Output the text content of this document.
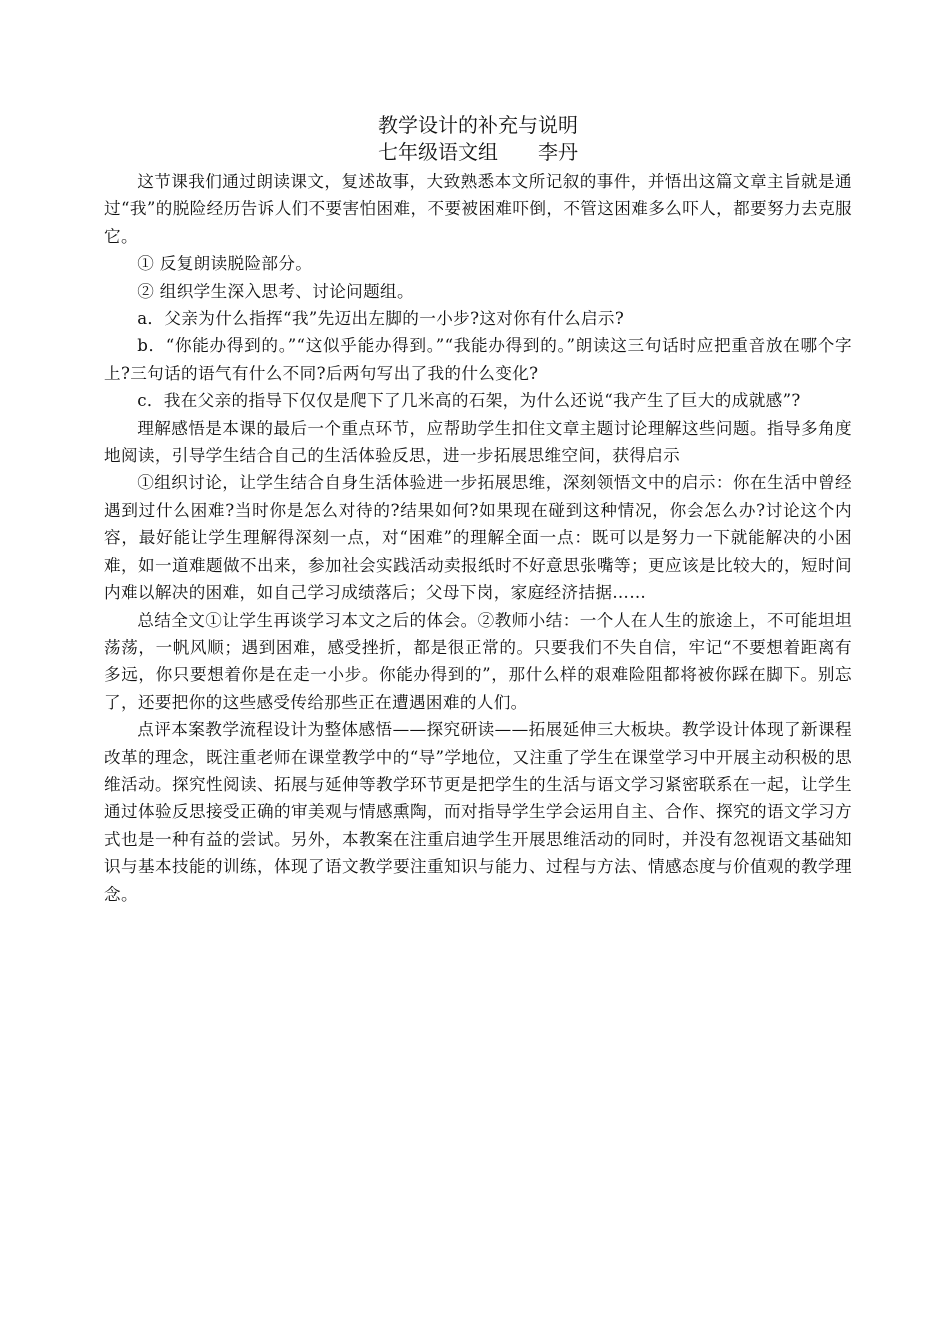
教学设计的补充与说明
七年级语文组　　李丹

这节课我们通过朗读课文，复述故事，大致熟悉本文所记叙的事件，并悟出这篇文章主旨就是通过“我”的脱险经历告诉人们不要害怕困难，不要被困难吓倒，不管这困难多么吓人，都要努力去克服它。

① 反复朗读脱险部分。

② 组织学生深入思考、讨论问题组。

a．父亲为什么指挥“我”先迈出左脚的一小步?这对你有什么启示?

b．“你能办得到的。”“这似乎能办得到。”“我能办得到的。”朗读这三句话时应把重音放在哪个字上?三句话的语气有什么不同?后两句写出了我的什么变化?

c．我在父亲的指导下仅仅是爬下了几米高的石架，为什么还说“我产生了巨大的成就感”?

理解感悟是本课的最后一个重点环节，应帮助学生扣住文章主题讨论理解这些问题。指导多角度地阅读，引导学生结合自己的生活体验反思，进一步拓展思维空间，获得启示

①组织讨论，让学生结合自身生活体验进一步拓展思维，深刻领悟文中的启示：你在生活中曾经遇到过什么困难?当时你是怎么对待的?结果如何?如果现在碰到这种情况，你会怎么办?讨论这个内容，最好能让学生理解得深刻一点，对“困难”的理解全面一点：既可以是努力一下就能解决的小困难，如一道难题做不出来，参加社会实践活动卖报纸时不好意思张嘴等；更应该是比较大的，短时间内难以解决的困难，如自己学习成绩落后；父母下岗，家庭经济拮据……

总结全文①让学生再谈学习本文之后的体会。②教师小结：一个人在人生的旅途上，不可能坦坦荡荡，一帆风顺；遇到困难，感受挫折，都是很正常的。只要我们不失自信，牢记“不要想着距离有多远，你只要想着你是在走一小步。你能办得到的”，那什么样的艰难险阻都将被你踩在脚下。别忘了，还要把你的这些感受传给那些正在遭遇困难的人们。

点评本案教学流程设计为整体感悟——探究研读——拓展延伸三大板块。教学设计体现了新课程改革的理念，既注重老师在课堂教学中的“导”学地位，又注重了学生在课堂学习中开展主动积极的思维活动。探究性阅读、拓展与延伸等教学环节更是把学生的生活与语文学习紧密联系在一起，让学生通过体验反思接受正确的审美观与情感熏陶，而对指导学生学会运用自主、合作、探究的语文学习方式也是一种有益的尝试。另外，本教案在注重启迪学生开展思维活动的同时，并没有忽视语文基础知识与基本技能的训练，体现了语文教学要注重知识与能力、过程与方法、情感态度与价值观的教学理念。
